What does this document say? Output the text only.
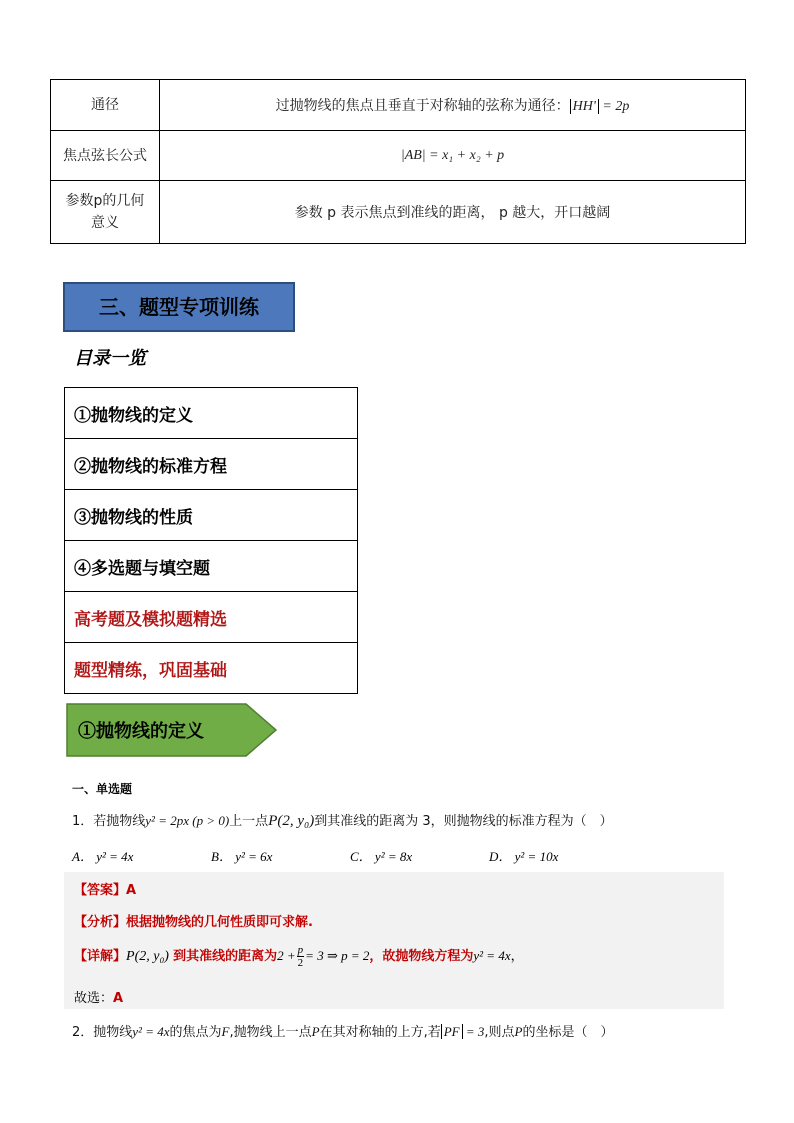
通径	过抛物线的焦点且垂直于对称轴的弦称为通径： HH' = 2p
焦点弦长公式	|AB| = x₁ + x₂ + p
参数p的几何意义	参数 p 表示焦点到准线的距离， p 越大，开口越阔
三、题型专项训练
目录一览
①抛物线的定义
②抛物线的标准方程
③抛物线的性质
④多选题与填空题
高考题及模拟题精选
题型精练，巩固基础
①抛物线的定义
一、单选题
1．若抛物线y² = 2px (p > 0)上一点P(2, y₀)到其准线的距离为 3，则抛物线的标准方程为（　）
A． y² = 4x	B． y² = 6x	C． y² = 8x	D． y² = 10x
【答案】A
【分析】根据抛物线的几何性质即可求解.
【详解】P(2, y₀) 到其准线的距离为$2 + \frac{p}{2} = 3$ ⇒ p = 2，故抛物线方程为y² = 4x，
故选：A
2．抛物线y² = 4x的焦点为F,抛物线上一点P在其对称轴的上方,若 PF = 3,则点P的坐标是（　）
